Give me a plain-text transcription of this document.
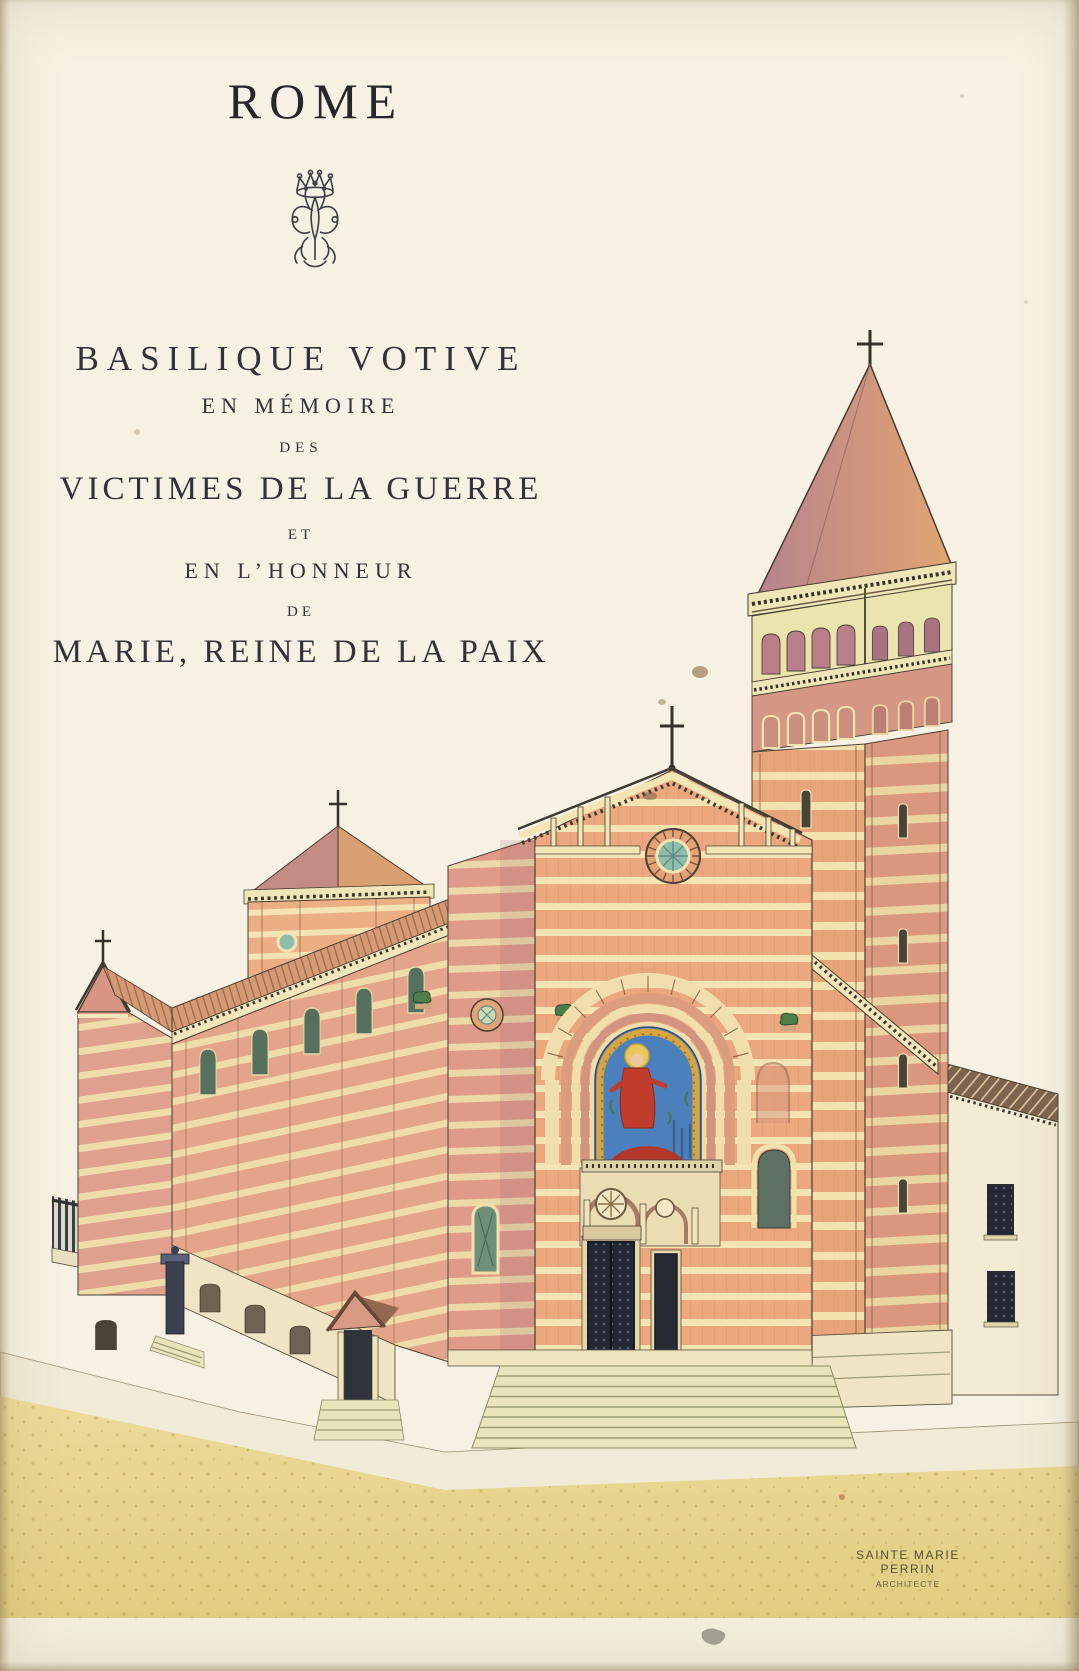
ROME
BASILIQUE VOTIVE
EN MÉMOIRE
DES
VICTIMES DE LA GUERRE
ET
EN L’HONNEUR
DE
MARIE, REINE DE LA PAIX
SAINTE MARIE PERRIN
ARCHITECTE
